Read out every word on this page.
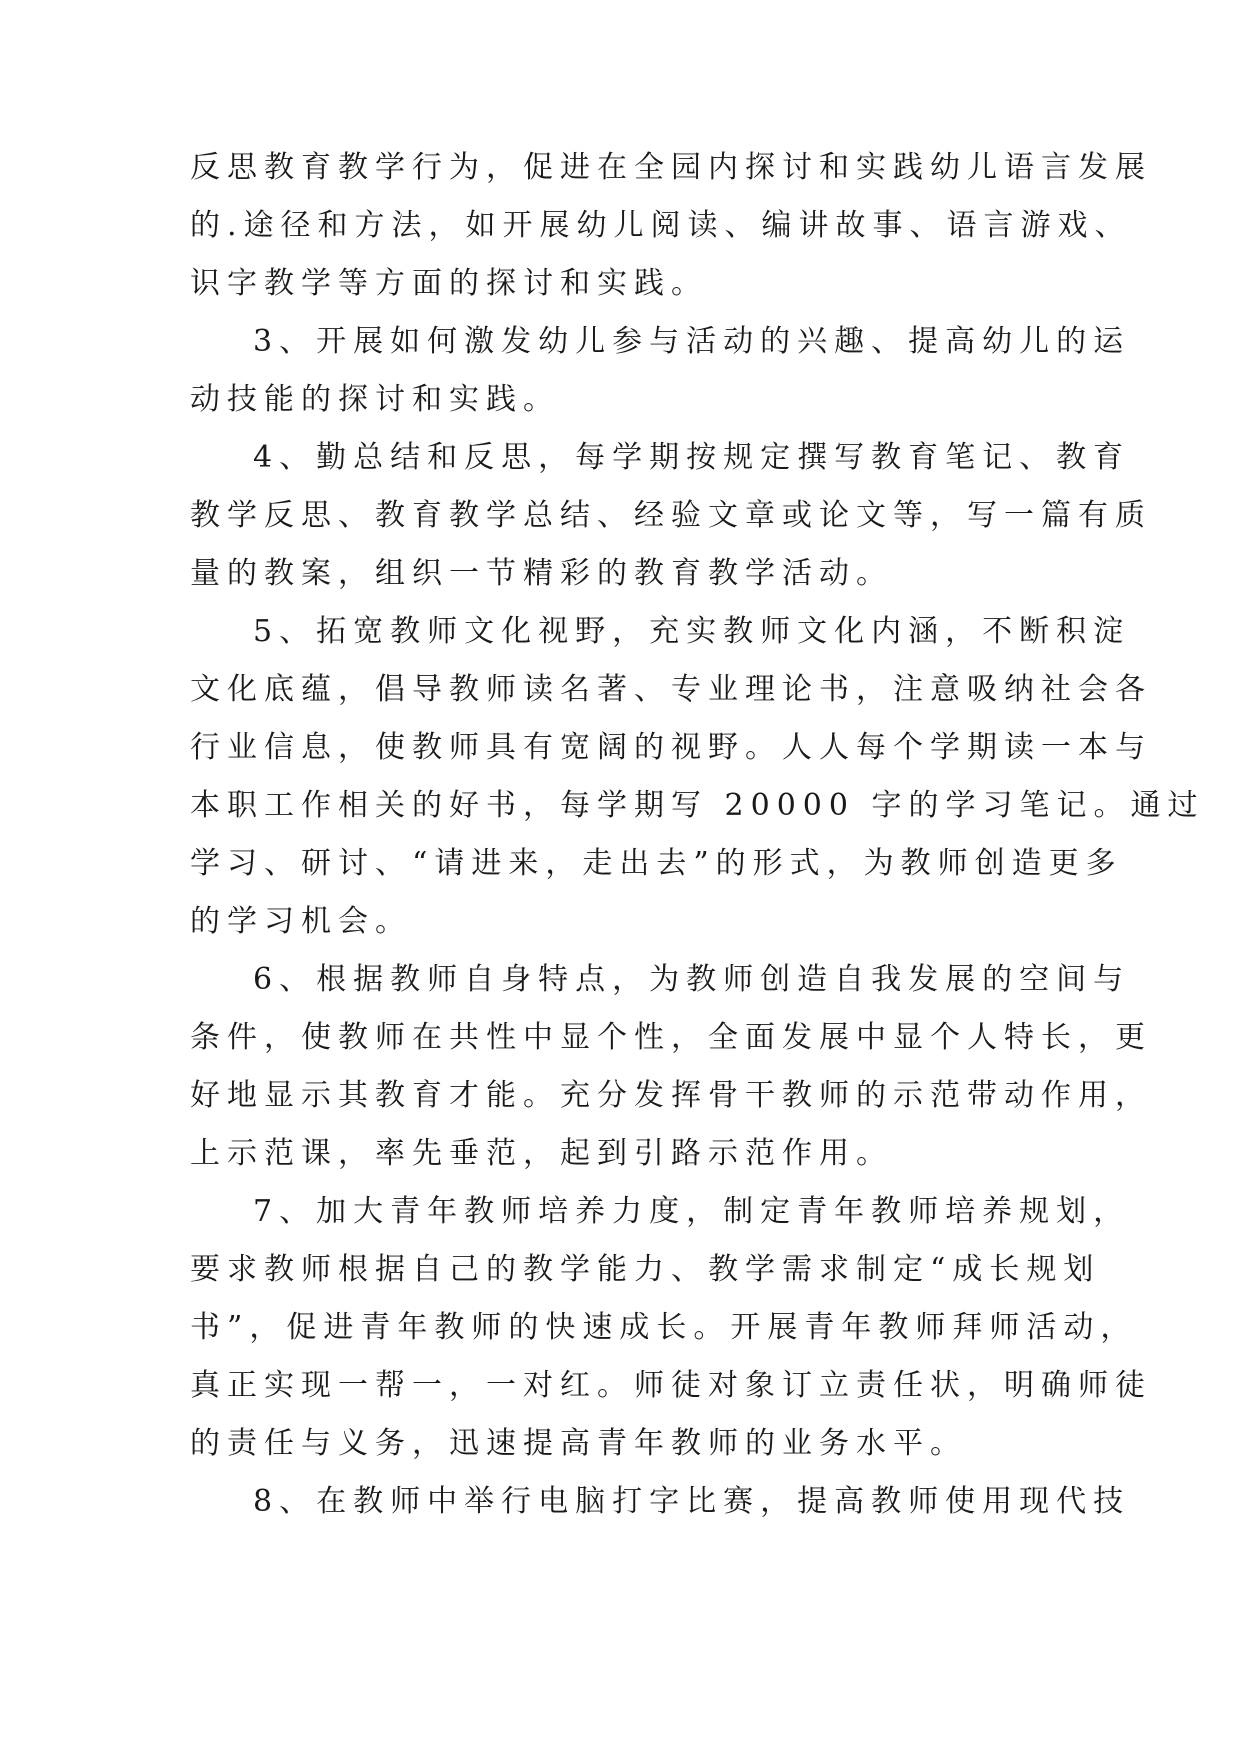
反思教育教学行为，促进在全园内探讨和实践幼儿语言发展
的.途径和方法，如开展幼儿阅读、编讲故事、语言游戏、
识字教学等方面的探讨和实践。
3、开展如何激发幼儿参与活动的兴趣、提高幼儿的运
动技能的探讨和实践。
4、勤总结和反思，每学期按规定撰写教育笔记、教育
教学反思、教育教学总结、经验文章或论文等，写一篇有质
量的教案，组织一节精彩的教育教学活动。
5、拓宽教师文化视野，充实教师文化内涵，不断积淀
文化底蕴，倡导教师读名著、专业理论书，注意吸纳社会各
行业信息，使教师具有宽阔的视野。人人每个学期读一本与
本职工作相关的好书，每学期写 20000 字的学习笔记。通过
学习、研讨、“请进来，走出去”的形式，为教师创造更多
的学习机会。
6、根据教师自身特点，为教师创造自我发展的空间与
条件，使教师在共性中显个性，全面发展中显个人特长，更
好地显示其教育才能。充分发挥骨干教师的示范带动作用，
上示范课，率先垂范，起到引路示范作用。
7、加大青年教师培养力度，制定青年教师培养规划，
要求教师根据自己的教学能力、教学需求制定“成长规划
书”，促进青年教师的快速成长。开展青年教师拜师活动，
真正实现一帮一，一对红。师徒对象订立责任状，明确师徒
的责任与义务，迅速提高青年教师的业务水平。
8、在教师中举行电脑打字比赛，提高教师使用现代技
